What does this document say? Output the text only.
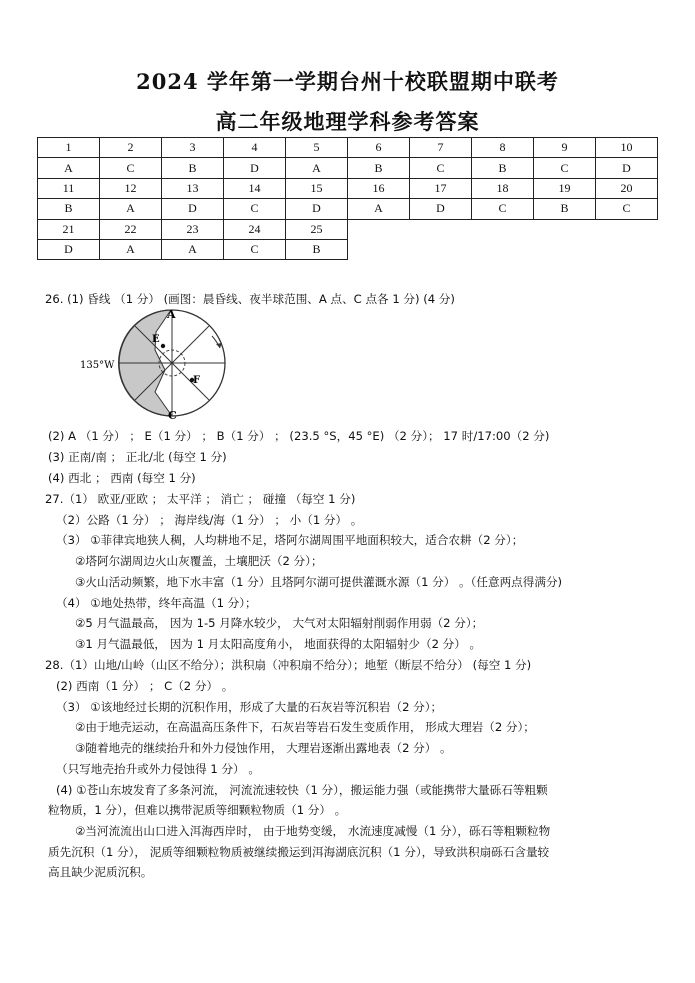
2024 学年第一学期台州十校联盟期中联考
高二年级地理学科参考答案
1	2	3	4	5	6	7	8	9	10
A	C	B	D	A	B	C	B	C	D
11	12	13	14	15	16	17	18	19	20
B	A	D	C	D	A	D	C	B	C
21	22	23	24	25					
D	A	A	C	B					
26. (1) 昏线 （1 分） (画图：晨昏线、夜半球范围、A 点、C 点各 1 分) (4 分)
A
C
E
F
135°W
(2) A （1 分） ； E（1 分） ； B（1 分） ； (23.5 °S，45 °E) （2 分）； 17 时/17:00（2 分)
(3) 正南/南 ； 正北/北 (每空 1 分)
(4) 西北 ； 西南 (每空 1 分)
27.（1） 欧亚/亚欧 ； 太平洋 ； 消亡 ； 碰撞 （每空 1 分)
（2）公路（1 分） ； 海岸线/海（1 分） ； 小（1 分） 。
（3） ①菲律宾地狭人稠，人均耕地不足，塔阿尔湖周围平地面积较大，适合农耕（2 分）；
②塔阿尔湖周边火山灰覆盖，土壤肥沃（2 分）；
③火山活动频繁，地下水丰富（1 分）且塔阿尔湖可提供灌溉水源（1 分） 。（任意两点得满分)
（4） ①地处热带，终年高温（1 分）；
②5 月气温最高， 因为 1-5 月降水较少， 大气对太阳辐射削弱作用弱（2 分）；
③1 月气温最低， 因为 1 月太阳高度角小， 地面获得的太阳辐射少（2 分） 。
28.（1）山地/山岭（山区不给分）；洪积扇（冲积扇不给分）；地堑（断层不给分） (每空 1 分)
(2) 西南（1 分） ； C（2 分） 。
（3） ①该地经过长期的沉积作用，形成了大量的石灰岩等沉积岩（2 分）；
②由于地壳运动，在高温高压条件下，石灰岩等岩石发生变质作用， 形成大理岩（2 分）；
③随着地壳的继续抬升和外力侵蚀作用， 大理岩逐渐出露地表（2 分） 。
（只写地壳抬升或外力侵蚀得 1 分） 。
(4) ①苍山东坡发育了多条河流， 河流流速较快（1 分），搬运能力强（或能携带大量砾石等粗颗
粒物质，1 分），但难以携带泥质等细颗粒物质（1 分） 。
②当河流流出山口进入洱海西岸时， 由于地势变缓， 水流速度减慢（1 分），砾石等粗颗粒物
质先沉积（1 分）， 泥质等细颗粒物质被继续搬运到洱海湖底沉积（1 分），导致洪积扇砾石含量较
高且缺少泥质沉积。
